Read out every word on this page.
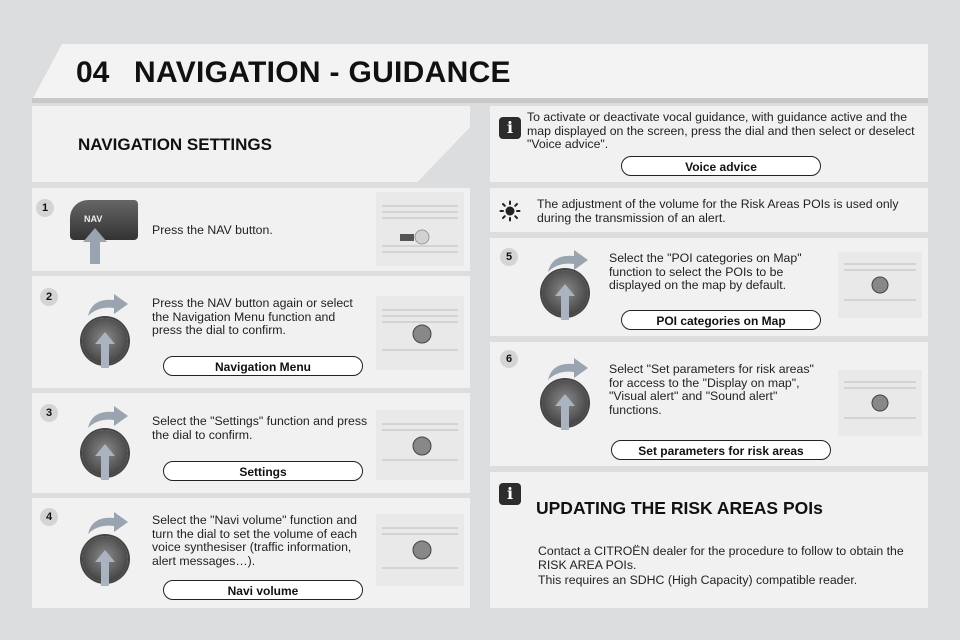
04 NAVIGATION - GUIDANCE
NAVIGATION SETTINGS
1
NAV
Press the NAV button.
2	Press the NAV button again or select the Navigation Menu function and press the dial to confirm.
Navigation Menu
3
Select the "Settings" function and press the dial to confirm.
Settings
4	Select the "Navi volume" function and turn the dial to set the volume of each voice synthesiser (traffic information, alert messages…).
Navi volume
i
To activate or deactivate vocal guidance, with guidance active and the map displayed on the screen, press the dial and then select or deselect "Voice advice".
Voice advice
The adjustment of the volume for the Risk Areas POIs is used only during the transmission of an alert.
5	Select the "POI categories on Map" function to select the POIs to be displayed on the map by default.
POI categories on Map
6
Select "Set parameters for risk areas" for access to the "Display on map", "Visual alert" and "Sound alert" functions.
Set parameters for risk areas
i
UPDATING THE RISK AREAS POIs
Contact a CITROËN dealer for the procedure to follow to obtain the RISK AREA POIs.
This requires an SDHC (High Capacity) compatible reader.
